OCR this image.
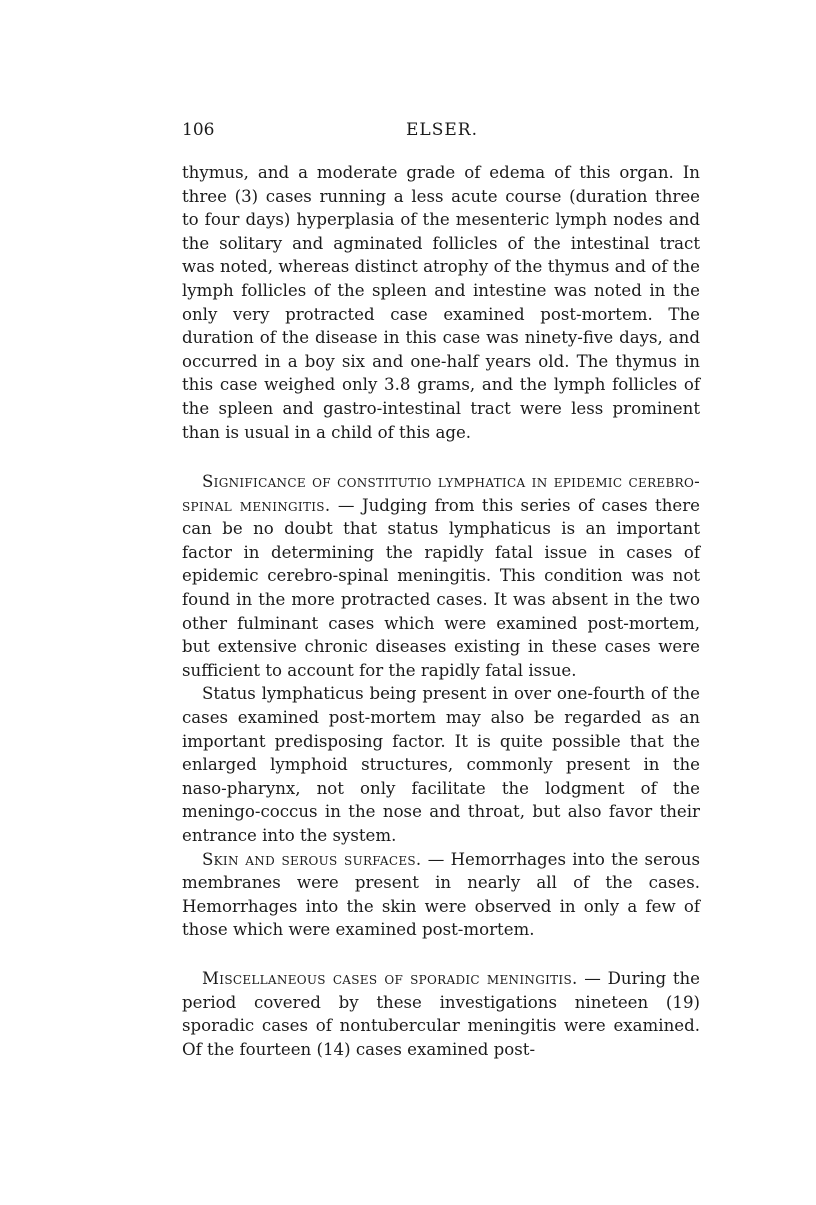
106	ELSER.

thymus, and a moderate grade of edema of this organ. In three (3) cases running a less acute course (duration three to four days) hyperplasia of the mesenteric lymph nodes and the solitary and agminated follicles of the intestinal tract was noted, whereas distinct atrophy of the thymus and of the lymph follicles of the spleen and intestine was noted in the only very protracted case examined post-mortem. The duration of the disease in this case was ninety-five days, and occurred in a boy six and one-half years old. The thymus in this case weighed only 3.8 grams, and the lymph follicles of the spleen and gastro-intestinal tract were less prominent than is usual in a child of this age.

Significance of constitutio lymphatica in epidemic cerebro-spinal meningitis. — Judging from this series of cases there can be no doubt that status lymphaticus is an important factor in determining the rapidly fatal issue in cases of epidemic cerebro-spinal meningitis. This condition was not found in the more protracted cases. It was absent in the two other fulminant cases which were examined post-mortem, but extensive chronic diseases existing in these cases were sufficient to account for the rapidly fatal issue.

Status lymphaticus being present in over one-fourth of the cases examined post-mortem may also be regarded as an important predisposing factor. It is quite possible that the enlarged lymphoid structures, commonly present in the naso-pharynx, not only facilitate the lodgment of the meningo-coccus in the nose and throat, but also favor their entrance into the system.

Skin and serous surfaces. — Hemorrhages into the serous membranes were present in nearly all of the cases. Hemorrhages into the skin were observed in only a few of those which were examined post-mortem.

Miscellaneous cases of sporadic meningitis. — During the period covered by these investigations nineteen (19) sporadic cases of nontubercular meningitis were examined. Of the fourteen (14) cases examined post-
